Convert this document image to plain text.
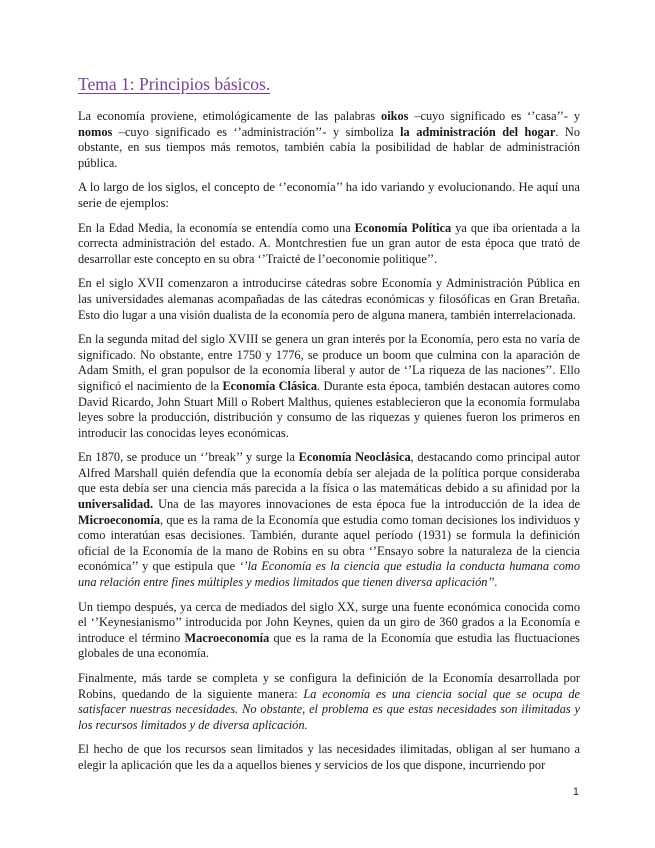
Tema 1: Principios básicos.

La economía proviene, etimológicamente de las palabras oikos –cuyo significado es ‘’casa’’- y nomos –cuyo significado es ‘’administración’’- y simboliza la administración del hogar. No obstante, en sus tiempos más remotos, también cabía la posibilidad de hablar de administración pública.

A lo largo de los siglos, el concepto de ‘’economía’’ ha ido variando y evolucionando. He aquí una serie de ejemplos:

En la Edad Media, la economía se entendía como una Economía Política ya que iba orientada a la correcta administración del estado. A. Montchrestien fue un gran autor de esta época que trató de desarrollar este concepto en su obra ‘’Traicté de l’oeconomie politique’’.

En el siglo XVII comenzaron a introducirse cátedras sobre Economía y Administración Pública en las universidades alemanas acompañadas de las cátedras económicas y filosóficas en Gran Bretaña. Esto dio lugar a una visión dualista de la economía pero de alguna manera, también interrelacionada.

En la segunda mitad del siglo XVIII se genera un gran interés por la Economía, pero esta no varía de significado. No obstante, entre 1750 y 1776, se produce un boom que culmina con la aparación de Adam Smith, el gran populsor de la economía liberal y autor de ‘’La riqueza de las naciones’’. Ello significó el nacimiento de la Economía Clásica. Durante esta época, también destacan autores como David Ricardo, John Stuart Mill o Robert Malthus, quienes establecieron que la economía formulaba leyes sobre la producción, distribución y consumo de las riquezas y quienes fueron los primeros en introducir las conocidas leyes económicas.

En 1870, se produce un ‘’break’’ y surge la Economía Neoclásica, destacando como principal autor Alfred Marshall quién defendía que la economía debía ser alejada de la política porque consideraba que esta debía ser una ciencia más parecida a la física o las matemáticas debido a su afinidad por la universalidad. Una de las mayores innovaciones de esta época fue la introducción de la idea de Microeconomía, que es la rama de la Economía que estudia como toman decisiones los individuos y como interatúan esas decisiones. También, durante aquel período (1931) se formula la definición oficial de la Economía de la mano de Robins en su obra ‘’Ensayo sobre la naturaleza de la ciencia económica’’ y que estipula que ‘’la Economía es la ciencia que estudia la conducta humana como una relación entre fines múltiples y medios limitados que tienen diversa aplicación’’.

Un tiempo después, ya cerca de mediados del siglo XX, surge una fuente económica conocida como el ‘’Keynesianismo’’ introducida por John Keynes, quien da un giro de 360 grados a la Economía e introduce el término Macroeconomía que es la rama de la Economía que estudia las fluctuaciones globales de una economía.

Finalmente, más tarde se completa y se configura la definición de la Economía desarrollada por Robins, quedando de la siguiente manera: La economía es una ciencia social que se ocupa de satisfacer nuestras necesidades. No obstante, el problema es que estas necesidades son ilimitadas y los recursos limitados y de diversa aplicación.

El hecho de que los recursos sean limitados y las necesidades ilimitadas, obligan al ser humano a elegir la aplicación que les da a aquellos bienes y servicios de los que dispone, incurriendo por

1
